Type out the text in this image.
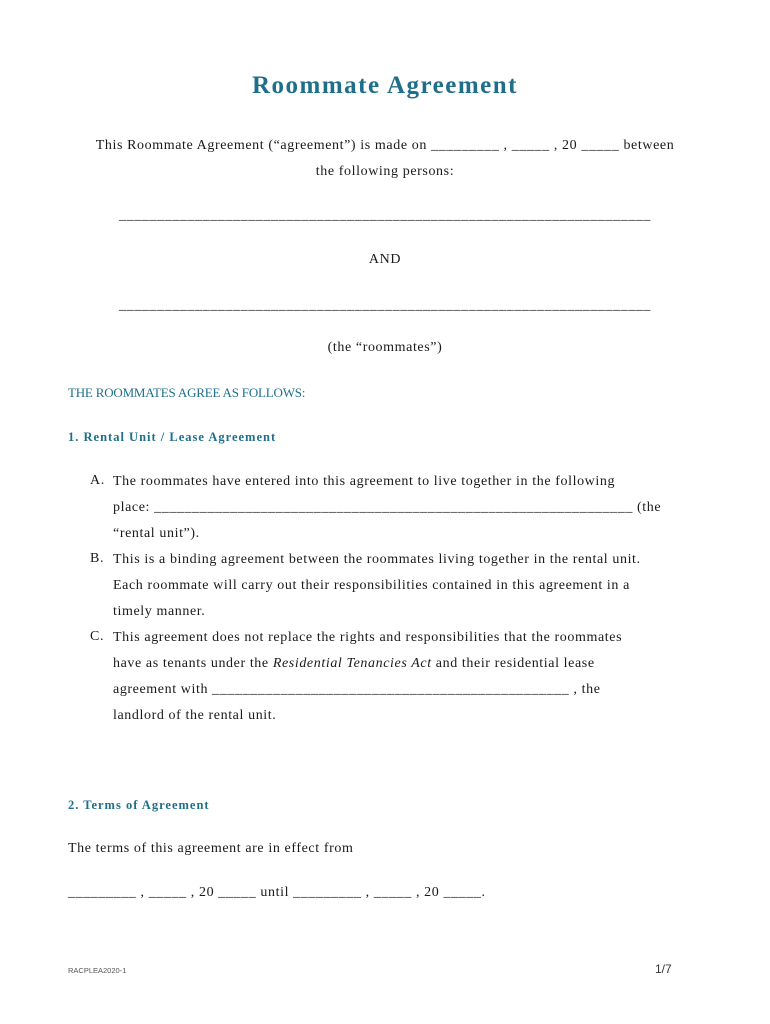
Roommate Agreement
This Roommate Agreement (“agreement”) is made on _________ , _____ , 20 _____ between
the following persons:
______________________________________________________________________
AND
______________________________________________________________________
(the “roommates”)
THE ROOMMATES AGREE AS FOLLOWS:
1. Rental Unit / Lease Agreement
A. The roommates have entered into this agreement to live together in the following
place: _______________________________________________________________ (the
“rental unit”).
B. This is a binding agreement between the roommates living together in the rental unit.
Each roommate will carry out their responsibilities contained in this agreement in a
timely manner.
C. This agreement does not replace the rights and responsibilities that the roommates
have as tenants under the Residential Tenancies Act and their residential lease
agreement with _______________________________________________ , the
landlord of the rental unit.
2. Terms of Agreement
The terms of this agreement are in effect from
_________ , _____ , 20 _____ until _________ , _____ , 20 _____.
RACPLEA2020-1	1/7
